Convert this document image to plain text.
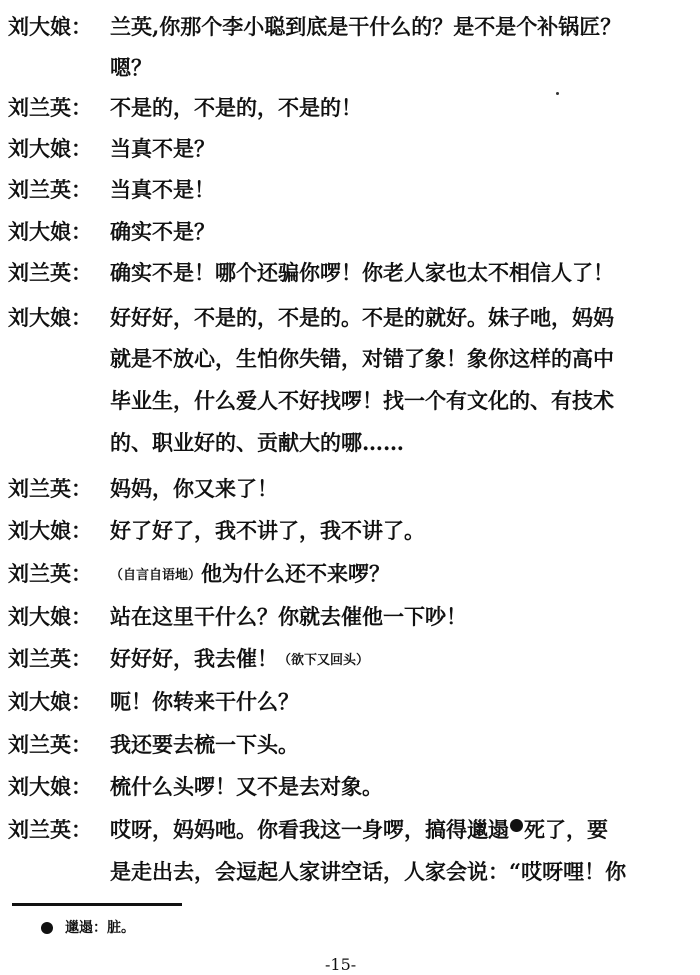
刘大娘： 兰英,你那个李小聪到底是干什么的？是不是个补锅匠？
嗯？
刘兰英： 不是的，不是的，不是的！
刘大娘： 当真不是？
刘兰英： 当真不是！
刘大娘： 确实不是？
刘兰英： 确实不是！哪个还骗你啰！你老人家也太不相信人了！
刘大娘： 好好好，不是的，不是的。不是的就好。妹子吔，妈妈
就是不放心，生怕你失错，对错了象！象你这样的高中
毕业生，什么爱人不好找啰！找一个有文化的、有技术
的、职业好的、贡献大的哪……
刘兰英： 妈妈，你又来了！
刘大娘： 好了好了，我不讲了，我不讲了。
刘兰英： （自言自语地）他为什么还不来啰？
刘大娘： 站在这里干什么？你就去催他一下吵！
刘兰英： 好好好，我去催！（欲下又回头）
刘大娘： 呃！你转来干什么？
刘兰英： 我还要去梳一下头。
刘大娘： 梳什么头啰！又不是去对象。
刘兰英： 哎呀，妈妈吔。你看我这一身啰，搞得邋遢 死了，要
是走出去，会逗起人家讲空话，人家会说：“哎呀哩！你
邋遢：脏。
-15-
